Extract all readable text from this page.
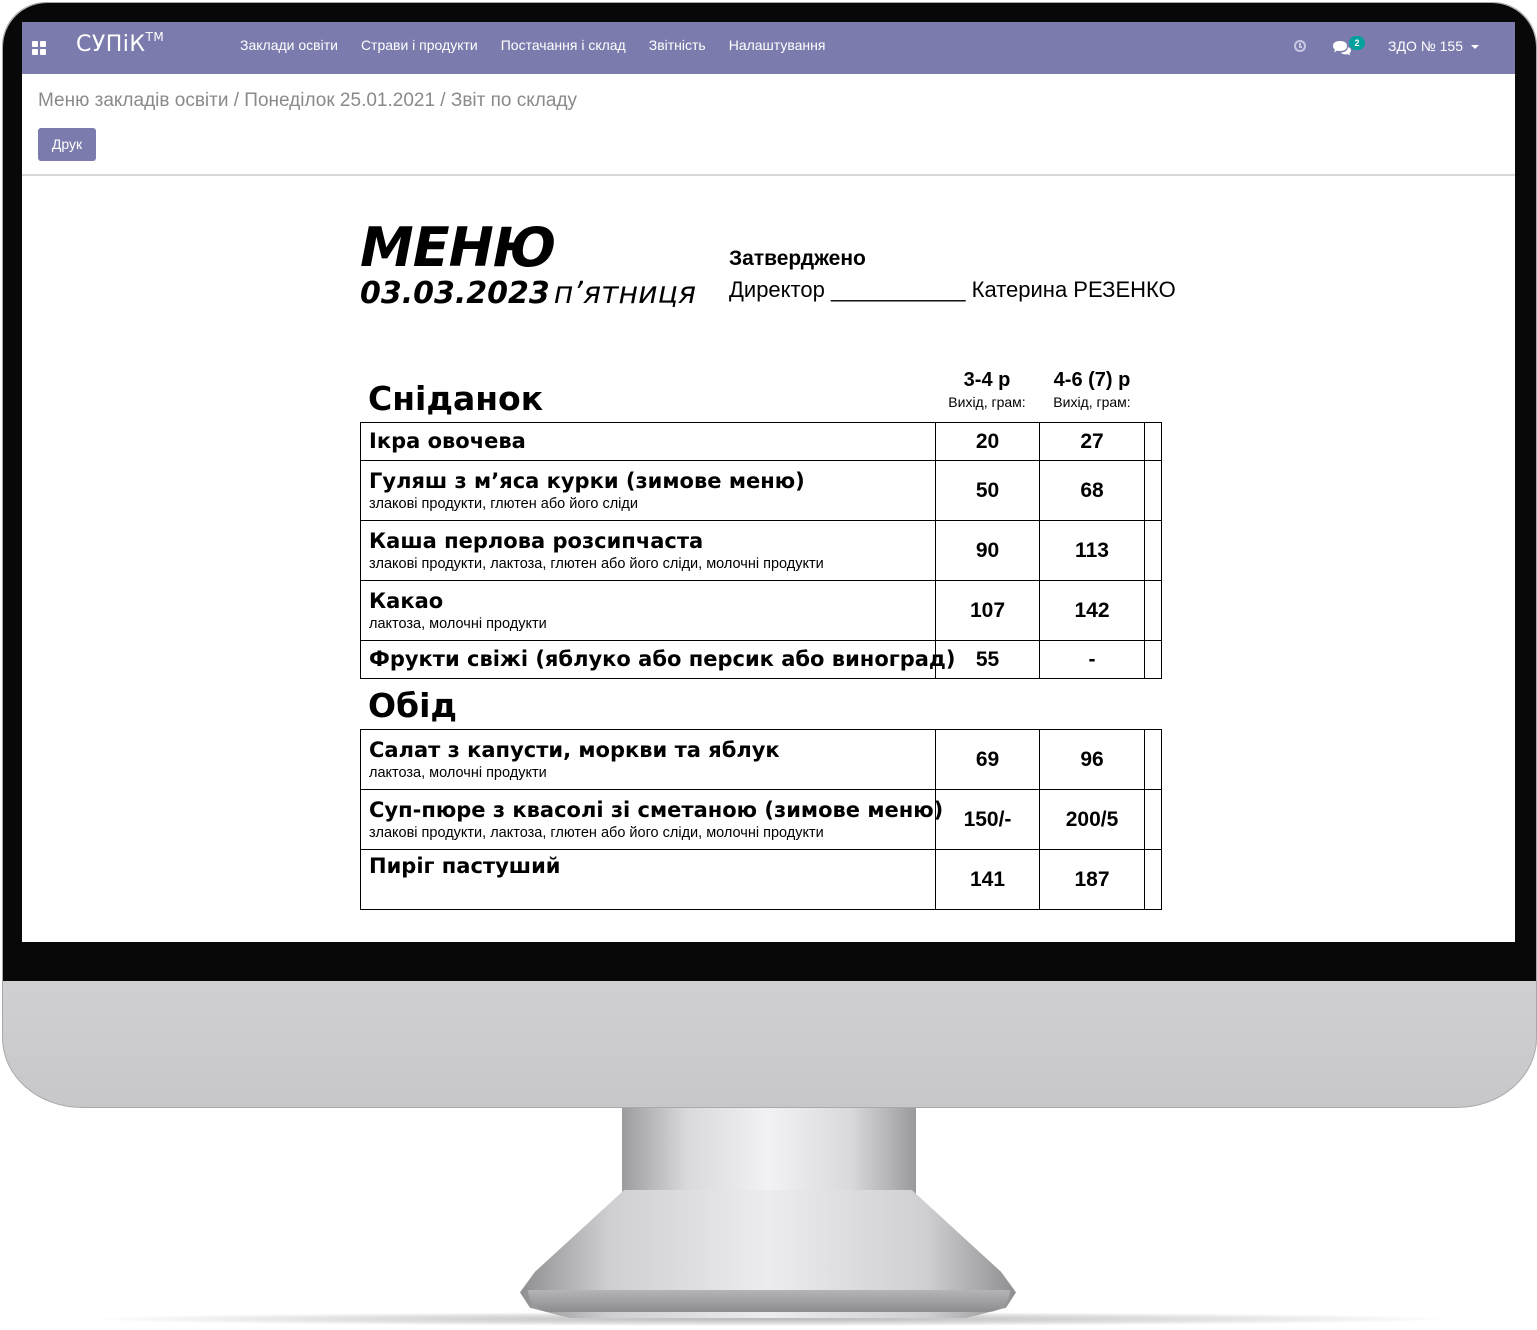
СУПіК™	Заклади освіти Страви і продукти Постачання і склад Звітність Налаштування	2	ЗДО № 155
Меню закладів освіти / Понеділок 25.01.2021 / Звіт по складу
Друк
МЕНЮ
03.03.2023 п’ятниця
Затверджено
Директор ___________ Катерина РЕЗЕНКО
3-4 р
Вихід, грам:
4-6 (7) р
Вихід, грам:
Сніданок
Ікра овочева	20	27	

Гуляш з м’яса курки (зимове меню)
злакові продукти, глютен або його сліди	50	68	

Каша перлова розсипчаста
злакові продукти, лактоза, глютен або його сліди, молочні продукти	90	113	

Какао
лактоза, молочні продукти	107	142	

Фрукти свіжі (яблуко або персик або виноград)	55	-	
Обід
Салат з капусти, моркви та яблук
лактоза, молочні продукти	69	96	

Суп-пюре з квасолі зі сметаною (зимове меню)
злакові продукти, лактоза, глютен або його сліди, молочні продукти	150/-	200/5	

Пиріг пастуший	141	187	
